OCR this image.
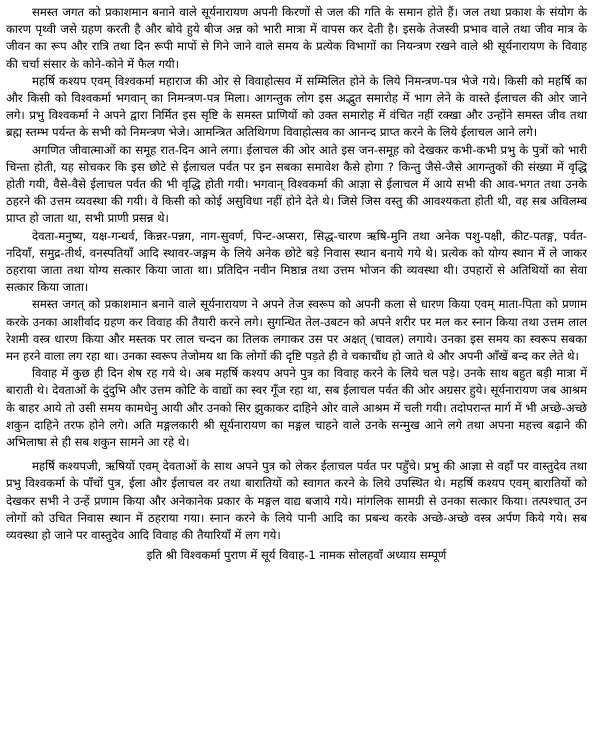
समस्त जगत को प्रकाशमान बनाने वाले सूर्यनारायण अपनी किरणों से जल की गति के समान होते हैं। जल तथा प्रकाश के संयोग के कारण पृथ्वी जसे ग्रहण करती है और बोये हुये बीज अन्न को भारी मात्रा में वापस कर देती है। इसके तेजस्वी प्रभाव वाले तथा जीव मात्र के जीवन का रूप और रात्रि तथा दिन रूपी मापों से गिने जाने वाले समय के प्रत्येक विभागों का नियन्त्रण रखने वाले श्री सूर्यनारायण के विवाह की चर्चा संसार के कोने-कोने में फैल गयी।

महर्षि कश्यप एवम् विश्वकर्मा महाराज की ओर से विवाहोत्सव में सम्मिलित होने के लिये निमन्त्रण-पत्र भेजे गये। किसी को महर्षि का और किसी को विश्वकर्मा भगवान् का निमन्त्रण-पत्र मिला। आगन्तुक लोग इस अद्भुत समारोह में भाग लेने के वास्ते ईलाचल की ओर जाने लगे। प्रभु विश्वकर्मा ने अपने द्वारा निर्मित इस सृष्टि के समस्त प्राणियों को उक्त समारोह में वंचित नहीं रक्खा और उन्होंने समस्त जीव तथा ब्रह्म स्तम्भ पर्यन्त के सभी को निमन्त्रण भेजे। आमन्त्रित अतिथिगण विवाहोत्सव का आनन्द प्राप्त करने के लिये ईलाचल आने लगे।

अगणित जीवात्माओं का समूह रात-दिन आने लगा। ईलाचल की ओर आते इस जन-समूह को देखकर कभी-कभी प्रभु के पुत्रों को भारी चिन्ता होती, यह सोचकर कि इस छोटे से ईलाचल पर्वत पर इन सबका समावेश कैसे होगा ? किन्तु जैसे-जैसे आगन्तुकों की संख्या में वृद्धि होती गयी, वैसे-वैसे ईलाचल पर्वत की भी वृद्धि होती गयी। भगवान् विश्वकर्मा की आज्ञा से ईलाचल में आये सभी की आव-भगत तथा उनके ठहरने की उत्तम व्यवस्था की गयी। वे किसी को कोई असुविधा नहीं होने देते थे। जिसे जिस वस्तु की आवश्यकता होती थी, वह सब अविलम्ब प्राप्त हो जाता था, सभी प्राणी प्रसन्न थे।

देवता-मनुष्य, यक्ष-गन्धर्व, किन्नर-पन्नग, नाग-सुवर्ण, पिन्ट-अप्सरा, सिद्ध-चारण ऋषि-मुनि तथा अनेक पशु-पक्षी, कीट-पतङ्ग, पर्वत-नदियाँ, समुद्र-तीर्थ, वनस्पतियाँ आदि स्थावर-जङ्गम के लिये अनेक छोटे बड़े निवास स्थान बनाये गये थे। प्रत्येक को योग्य स्थान में ले जाकर ठहराया जाता तथा योग्य सत्कार किया जाता था। प्रतिदिन नवीन मिष्ठान्न तथा उत्तम भोजन की व्यवस्था थी। उपहारों से अतिथियों का सेवा सत्कार किया जाता।

समस्त जगत् को प्रकाशमान बनाने वाले सूर्यनारायण ने अपने तेज स्वरूप को अपनी कला से धारण किया एवम् माता-पिता को प्रणाम करके उनका आशीर्वाद ग्रहण कर विवाह की तैयारी करने लगे। सुगन्धित तेल-उबटन को अपने शरीर पर मल कर स्नान किया तथा उत्तम लाल रेशमी वस्त्र धारण किया और मस्तक पर लाल चन्दन का तिलक लगाकर उस पर अक्षत् (चावल) लगाये। उनका इस समय का स्वरूप सबका मन हरने वाला लग रहा था। उनका स्वरूप तेजोमय था कि लोगों की दृष्टि पड़ते ही वे चकाचौंध हो जाते थे और अपनी आँखें बन्द कर लेते थे।

विवाह में कुछ ही दिन शेष रह गये थे। अब महर्षि कश्यप अपने पुत्र का विवाह करने के लिये चल पड़े। उनके साथ बहुत बड़ी मात्रा में बाराती थे। देवताओं के दुंदुभि और उत्तम कोटि के वाद्यों का स्वर गूँज रहा था, सब ईलाचल पर्वत की ओर अग्रसर हुये। सूर्यनारायण जब आश्रम के बाहर आये तो उसी समय कामधेनु आयी और उनको सिर झुकाकर दाहिने ओर वाले आश्रम में चली गयी। तदोपरान्त मार्ग में भी अच्छे-अच्छे शकुन दाहिने तरफ होने लगे। अति मङ्गलकारी श्री सूर्यनारायण का मङ्गल चाहने वाले उनके सन्मुख आने लगे तथा अपना महत्त्व बढ़ाने की अभिलाषा से ही सब शकुन सामने आ रहे थे।

महर्षि कश्यपजी, ऋषियों एवम् देवताओं के साथ अपने पुत्र को लेकर ईलाचल पर्वत पर पहुँचे। प्रभु की आज्ञा से वहाँ पर वास्तुदेव तथा प्रभु विश्वकर्मा के पाँचों पुत्र, ईला और ईलाचल वर तथा बारातियों को स्वागत करने के लिये उपस्थित थे। महर्षि कश्यप एवम् बारातियों को देखकर सभी ने उन्हें प्रणाम किया और अनेकानेक प्रकार के मङ्गल वाद्य बजाये गये। मांगलिक सामग्री से उनका सत्कार किया। तत्पश्चात् उन लोगों को उचित निवास स्थान में ठहराया गया। स्नान करने के लिये पानी आदि का प्रबन्ध करके अच्छे-अच्छे वस्त्र अर्पण किये गये। सब व्यवस्था हो जाने पर वास्तुदेव आदि विवाह की तैयारियाँ में लग गये।

इति श्री विश्वकर्मा पुराण में सूर्य विवाह-1 नामक सोलहवाँ अध्याय सम्पूर्ण
